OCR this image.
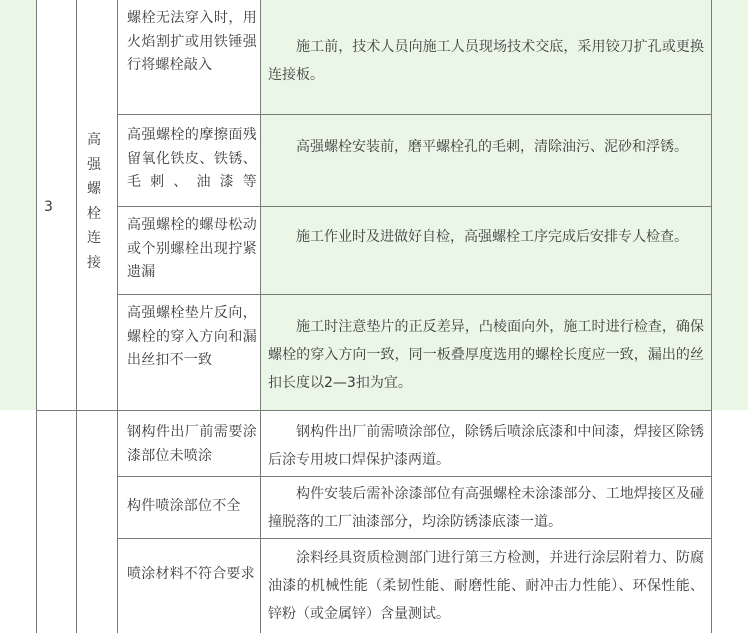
3
高
强
螺
栓
连
接
螺栓无法穿入时，用火焰割扩或用铁锤强行将螺栓敲入
施工前，技术人员向施工人员现场技术交底，采用铰刀扩孔或更换连接板。
高强螺栓的摩擦面残留氧化铁皮、铁锈、毛刺、油漆等
高强螺栓安装前，磨平螺栓孔的毛刺，清除油污、泥砂和浮锈。
高强螺栓的螺母松动或个别螺栓出现拧紧遗漏
施工作业时及进做好自检，高强螺栓工序完成后安排专人检查。
高强螺栓垫片反向，螺栓的穿入方向和漏出丝扣不一致
施工时注意垫片的正反差异，凸棱面向外，施工时进行检查，确保螺栓的穿入方向一致，同一板叠厚度选用的螺栓长度应一致，漏出的丝扣长度以2—3扣为宜。
钢构件出厂前需要涂漆部位未喷涂
钢构件出厂前需喷涂部位，除锈后喷涂底漆和中间漆，焊接区除锈后涂专用坡口焊保护漆两道。
构件喷涂部位不全
构件安装后需补涂漆部位有高强螺栓未涂漆部分、工地焊接区及碰撞脱落的工厂油漆部分，均涂防锈漆底漆一道。
喷涂材料不符合要求
涂料经具资质检测部门进行第三方检测，并进行涂层附着力、防腐油漆的机械性能（柔韧性能、耐磨性能、耐冲击力性能）、环保性能、锌粉（或金属锌）含量测试。
